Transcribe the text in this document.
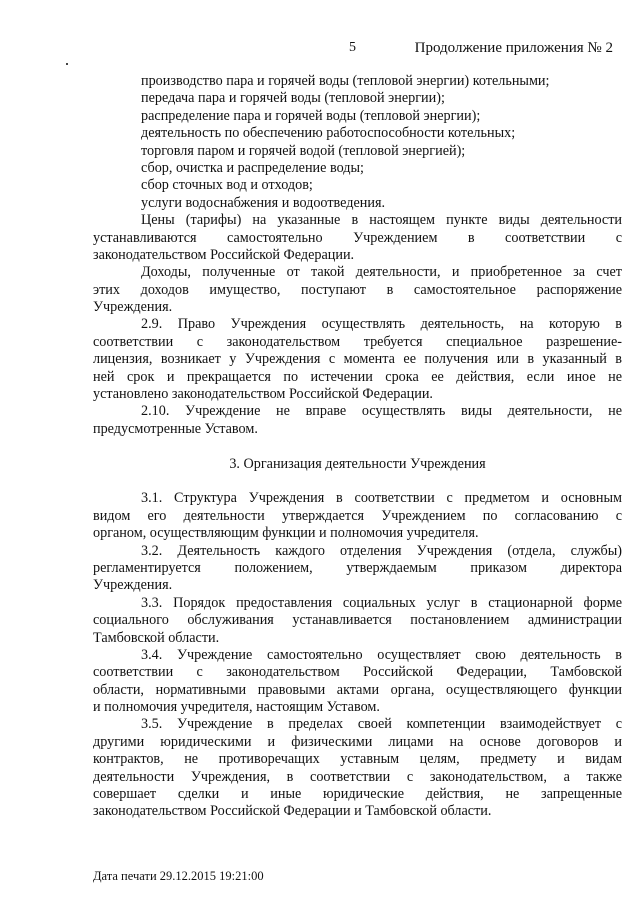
5	Продолжение приложения № 2
производство пара и горячей воды (тепловой энергии) котельными;
передача пара и горячей воды (тепловой энергии);
распределение пара и горячей воды (тепловой энергии);
деятельность по обеспечению работоспособности котельных;
торговля паром и горячей водой (тепловой энергией);
сбор, очистка и распределение воды;
сбор сточных вод и отходов;
услуги водоснабжения и водоотведения.
Цены (тарифы) на указанные в настоящем пункте виды деятельности
устанавливаются самостоятельно Учреждением в соответствии с
законодательством Российской Федерации.
Доходы, полученные от такой деятельности, и приобретенное за счет
этих доходов имущество, поступают в самостоятельное распоряжение
Учреждения.
2.9. Право Учреждения осуществлять деятельность, на которую в
соответствии с законодательством требуется специальное разрешение-
лицензия, возникает у Учреждения с момента ее получения или в указанный в
ней срок и прекращается по истечении срока ее действия, если иное не
установлено законодательством Российской Федерации.
2.10. Учреждение не вправе осуществлять виды деятельности, не
предусмотренные Уставом.
3. Организация деятельности Учреждения
3.1. Структура Учреждения в соответствии с предметом и основным
видом его деятельности утверждается Учреждением по согласованию с
органом, осуществляющим функции и полномочия учредителя.
3.2. Деятельность каждого отделения Учреждения (отдела, службы)
регламентируется положением, утверждаемым приказом директора
Учреждения.
3.3. Порядок предоставления социальных услуг в стационарной форме
социального обслуживания устанавливается постановлением администрации
Тамбовской области.
3.4. Учреждение самостоятельно осуществляет свою деятельность в
соответствии с законодательством Российской Федерации, Тамбовской
области, нормативными правовыми актами органа, осуществляющего функции
и полномочия учредителя, настоящим Уставом.
3.5. Учреждение в пределах своей компетенции взаимодействует с
другими юридическими и физическими лицами на основе договоров и
контрактов, не противоречащих уставным целям, предмету и видам
деятельности Учреждения, в соответствии с законодательством, а также
совершает сделки и иные юридические действия, не запрещенные
законодательством Российской Федерации и Тамбовской области.
Дата печати 29.12.2015 19:21:00
